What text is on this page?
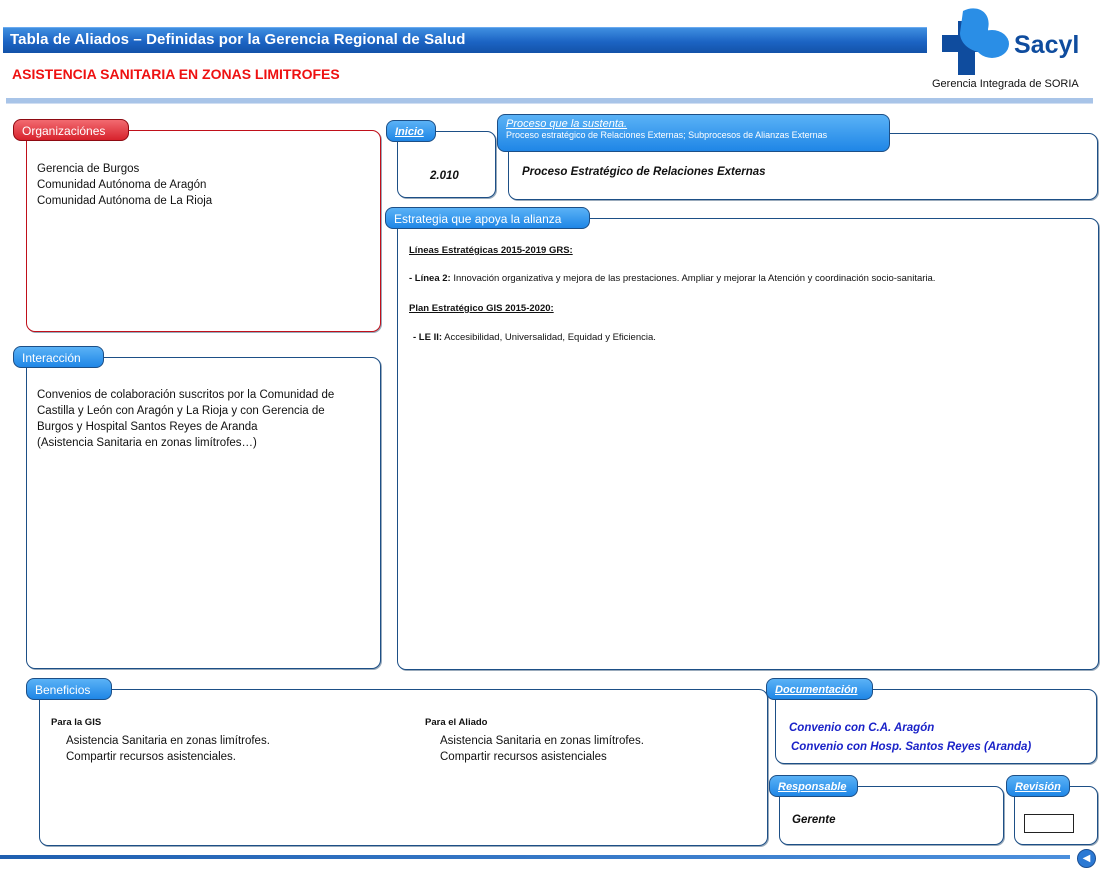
Tabla de Aliados – Definidas por la Gerencia Regional de Salud
ASISTENCIA SANITARIA EN ZONAS LIMITROFES
Sacyl
Gerencia Integrada de SORIA
Organizaciónes
Gerencia de Burgos
Comunidad Autónoma de Aragón
Comunidad Autónoma de La Rioja
Inicio
2.010
Proceso que la sustenta.
Proceso estratégico de Relaciones Externas; Subprocesos de Alianzas Externas
Proceso Estratégico de Relaciones Externas
Estrategia que apoya la alianza
Líneas Estratégicas 2015-2019 GRS:
- Línea 2: Innovación organizativa y mejora de las prestaciones. Ampliar y mejorar la Atención y coordinación socio-sanitaria.
Plan Estratégico GIS 2015-2020:
- LE II: Accesibilidad, Universalidad, Equidad y Eficiencia.
Interacción
Convenios de colaboración suscritos por la Comunidad de
Castilla y León con Aragón y La Rioja y con Gerencia de
Burgos y Hospital Santos Reyes de Aranda
(Asistencia Sanitaria en zonas limítrofes…)
Beneficios
Para la GIS
Asistencia Sanitaria en zonas limítrofes.
Compartir recursos asistenciales.
Para el Aliado
Asistencia Sanitaria en zonas limítrofes.
Compartir recursos asistenciales
Documentación
Convenio con C.A. Aragón
Convenio con Hosp. Santos Reyes (Aranda)
Responsable
Gerente
Revisión
◀
